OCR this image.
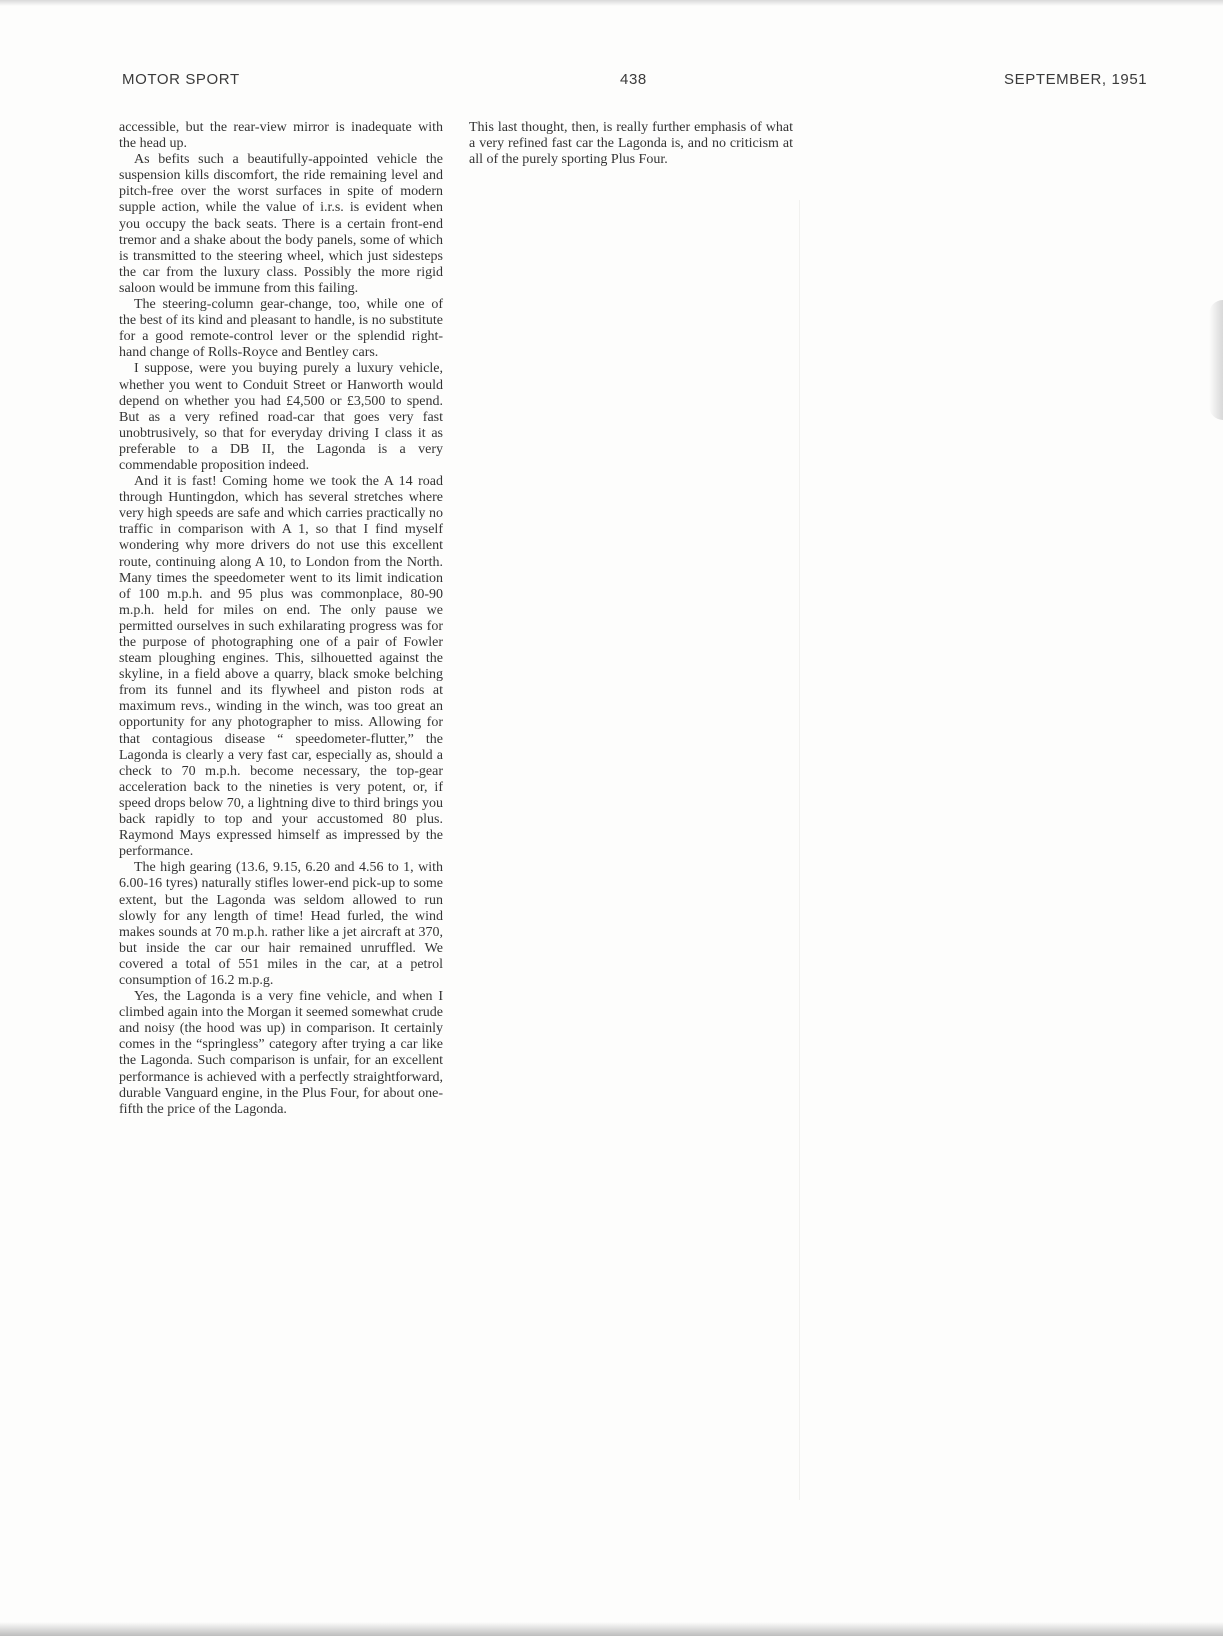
MOTOR SPORT	438	SEPTEMBER, 1951

accessible, but the rear-view mirror is inadequate with the head up.

As befits such a beautifully-appointed vehicle the suspension kills discomfort, the ride remaining level and pitch-free over the worst surfaces in spite of modern supple action, while the value of i.r.s. is evident when you occupy the back seats. There is a certain front-end tremor and a shake about the body panels, some of which is transmitted to the steering wheel, which just sidesteps the car from the luxury class. Possibly the more rigid saloon would be immune from this failing.

The steering-column gear-change, too, while one of the best of its kind and pleasant to handle, is no substitute for a good remote-control lever or the splendid right-hand change of Rolls-Royce and Bentley cars.

I suppose, were you buying purely a luxury vehicle, whether you went to Conduit Street or Hanworth would depend on whether you had £4,500 or £3,500 to spend. But as a very refined road-car that goes very fast unobtrusively, so that for everyday driving I class it as preferable to a DB II, the Lagonda is a very commendable proposition indeed.

And it is fast! Coming home we took the A 14 road through Huntingdon, which has several stretches where very high speeds are safe and which carries practically no traffic in comparison with A 1, so that I find myself wondering why more drivers do not use this excellent route, continuing along A 10, to London from the North. Many times the speedometer went to its limit indication of 100 m.p.h. and 95 plus was commonplace, 80-90 m.p.h. held for miles on end. The only pause we permitted ourselves in such exhilarating progress was for the purpose of photographing one of a pair of Fowler steam ploughing engines. This, silhouetted against the skyline, in a field above a quarry, black smoke belching from its funnel and its flywheel and piston rods at maximum revs., winding in the winch, was too great an opportunity for any photographer to miss. Allowing for that contagious disease “ speedometer-flutter,” the Lagonda is clearly a very fast car, especially as, should a check to 70 m.p.h. become necessary, the top-gear acceleration back to the nineties is very potent, or, if speed drops below 70, a lightning dive to third brings you back rapidly to top and your accustomed 80 plus. Raymond Mays expressed himself as impressed by the performance.

The high gearing (13.6, 9.15, 6.20 and 4.56 to 1, with 6.00-16 tyres) naturally stifles lower-end pick-up to some extent, but the Lagonda was seldom allowed to run slowly for any length of time! Head furled, the wind makes sounds at 70 m.p.h. rather like a jet aircraft at 370, but inside the car our hair remained unruffled. We covered a total of 551 miles in the car, at a petrol consumption of 16.2 m.p.g.

Yes, the Lagonda is a very fine vehicle, and when I climbed again into the Morgan it seemed somewhat crude and noisy (the hood was up) in comparison. It certainly comes in the “springless” category after trying a car like the Lagonda. Such comparison is unfair, for an excellent performance is achieved with a perfectly straightforward, durable Vanguard engine, in the Plus Four, for about one-fifth the price of the Lagonda.

This last thought, then, is really further emphasis of what a very refined fast car the Lagonda is, and no criticism at all of the purely sporting Plus Four.
